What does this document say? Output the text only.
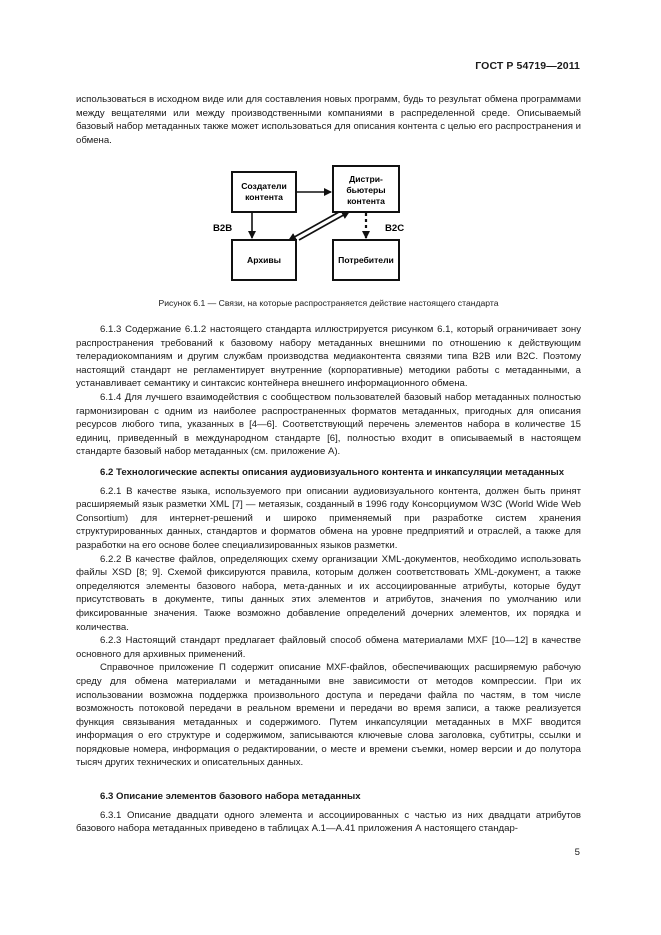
ГОСТ Р 54719—2011

использоваться в исходном виде или для составления новых программ, будь то результат обмена программами между вещателями или между производственными компаниями в распределенной среде. Описываемый базовый набор метаданных также может использоваться для описания контента с целью его распространения и обмена.

Создатели
контента
Дистри-
бьютеры
контента
Архивы	Потребители
B2B	B2C
Рисунок 6.1 — Связи, на которые распространяется действие настоящего стандарта

6.1.3 Содержание 6.1.2 настоящего стандарта иллюстрируется рисунком 6.1, который ограничивает зону распространения требований к базовому набору метаданных внешними по отношению к действующим телерадиокомпаниям и другим службам производства медиаконтента связями типа B2B или B2C. Поэтому настоящий стандарт не регламентирует внутренние (корпоративные) методики работы с метаданными, а устанавливает семантику и синтаксис контейнера внешнего информационного обмена.

6.1.4 Для лучшего взаимодействия с сообществом пользователей базовый набор метаданных полностью гармонизирован с одним из наиболее распространенных форматов метаданных, пригодных для описания ресурсов любого типа, указанных в [4—6]. Соответствующий перечень элементов набора в количестве 15 единиц, приведенный в международном стандарте [6], полностью входит в описываемый в настоящем стандарте базовый набор метаданных (см. приложение А).

6.2 Технологические аспекты описания аудиовизуального контента и инкапсуляции метаданных

6.2.1 В качестве языка, используемого при описании аудиовизуального контента, должен быть принят расширяемый язык разметки XML [7] — метаязык, созданный в 1996 году Консорциумом W3C (World Wide Web Consortium) для интернет-решений и широко применяемый при разработке систем хранения структурированных данных, стандартов и форматов обмена на уровне предприятий и отраслей, а также для разработки на его основе более специализированных языков разметки.

6.2.2 В качестве файлов, определяющих схему организации XML-документов, необходимо использовать файлы XSD [8; 9]. Схемой фиксируются правила, которым должен соответствовать XML-документ, а также определяются элементы базового набора, мета-данных и их ассоциированные атрибуты, которые будут присутствовать в документе, типы данных этих элементов и атрибутов, значения по умолчанию или фиксированные значения. Также возможно добавление определений дочерних элементов, их порядка и количества.

6.2.3 Настоящий стандарт предлагает файловый способ обмена материалами MXF [10—12] в качестве основного для архивных применений.

Справочное приложение П содержит описание MXF-файлов, обеспечивающих расширяемую рабочую среду для обмена материалами и метаданными вне зависимости от методов компрессии. При их использовании возможна поддержка произвольного доступа и передачи файла по частям, в том числе возможность потоковой передачи в реальном времени и передачи во время записи, а также реализуется функция связывания метаданных и содержимого. Путем инкапсуляции метаданных в MXF вводится информация о его структуре и содержимом, записываются ключевые слова заголовка, субтитры, ссылки и порядковые номера, информация о редактировании, о месте и времени съемки, номер версии и до полутора тысяч других технических и описательных данных.

6.3 Описание элементов базового набора метаданных

6.3.1 Описание двадцати одного элемента и ассоциированных с частью из них двадцати атрибутов базового набора метаданных приведено в таблицах А.1—А.41 приложения А настоящего стандар-

5
